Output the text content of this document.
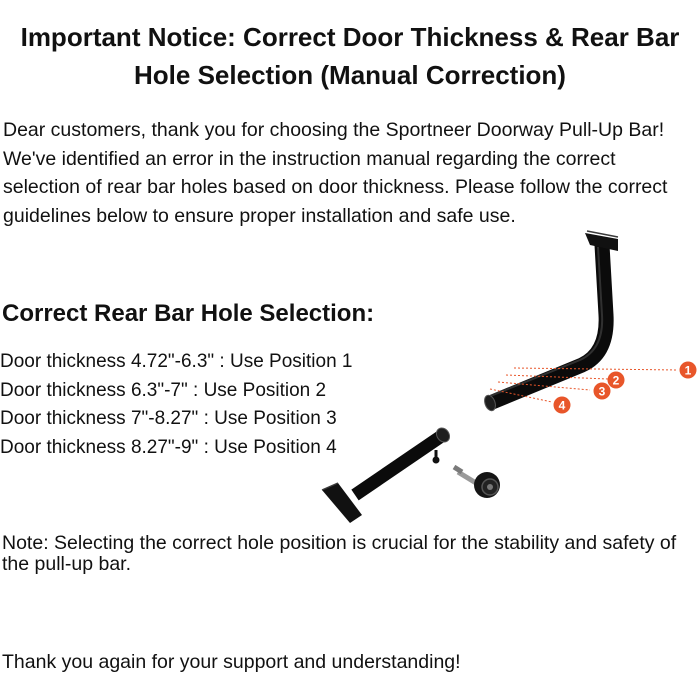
Important Notice: Correct Door Thickness & Rear Bar Hole Selection (Manual Correction)
Dear customers, thank you for choosing the Sportneer Doorway Pull-Up Bar! We've identified an error in the instruction manual regarding the correct selection of rear bar holes based on door thickness. Please follow the correct guidelines below to ensure proper installation and safe use.
Correct Rear Bar Hole Selection:
Door thickness 4.72"-6.3" : Use Position 1
Door thickness 6.3"-7" : Use Position 2
Door thickness 7"-8.27" : Use Position 3
Door thickness 8.27"-9" : Use Position 4
1
2
3
4
Note: Selecting the correct hole position is crucial for the stability and safety of the pull-up bar.
Thank you again for your support and understanding!
